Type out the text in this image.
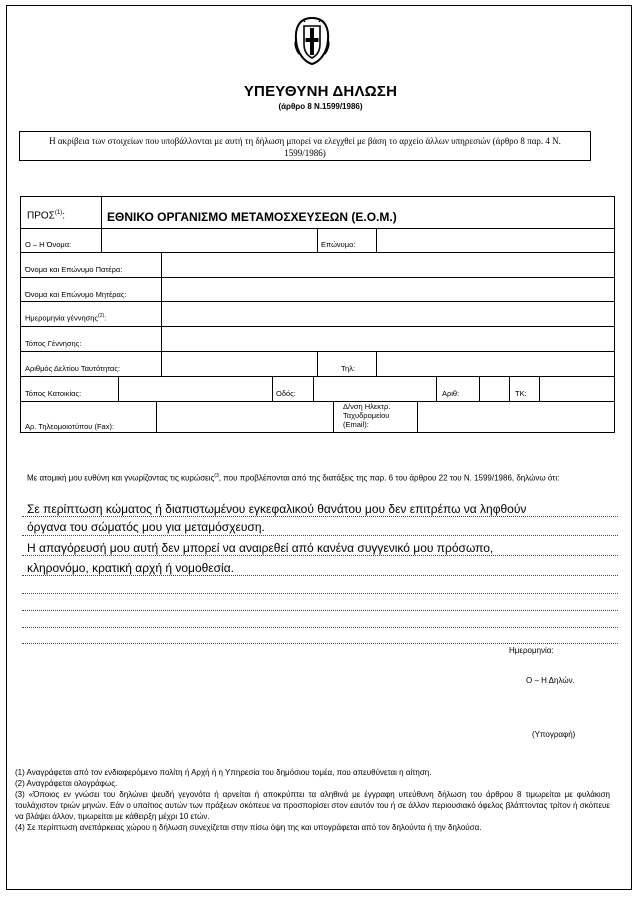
ΥΠΕΥΘΥΝΗ ΔΗΛΩΣΗ
(άρθρο 8 Ν.1599/1986)
Η ακρίβεια των στοιχείων που υποβάλλονται με αυτή τη δήλωση μπορεί να ελεγχθεί με βάση το αρχείο άλλων υπηρεσιών (άρθρο 8 παρ. 4 Ν. 1599/1986)
ΠΡΟΣ$^{(1)}$:	ΕΘΝΙΚΟ ΟΡΓΑΝΙΣΜΟ ΜΕΤΑΜΟΣΧΕΥΣΕΩΝ (Ε.Ο.Μ.)
Ο – Η Όνομα:	Επώνυμο:
Όνομα και Επώνυμο Πατέρα:
Όνομα και Επώνυμο Μητέρας:
Ημερομηνία γέννησης$^{(2)}$:
Τόπος Γέννησης:
Αριθμός Δελτίου Ταυτότητας:	Τηλ:
Τόπος Κατοικίας:	Οδός:	Αριθ:	ΤΚ:
Αρ. Τηλεομοιοτύπου (Fax):
Δ/νση Ηλεκτρ.
Ταχυδρομείου
(Email):
Με ατομική μου ευθύνη και γνωρίζοντας τις κυρώσεις$^{(3}$, που προβλέπονται από της διατάξεις της παρ. 6 του άρθρου 22 του Ν. 1599/1986, δηλώνω ότι:
Σε περίπτωση κώματος ή διαπιστωμένου εγκεφαλικού θανάτου μου δεν επιτρέπω να ληφθούν
όργανα του σώματός μου για μεταμόσχευση.
Η απαγόρευσή μου αυτή δεν μπορεί να αναιρεθεί από κανένα συγγενικό μου πρόσωπο,
κληρονόμο, κρατική αρχή ή νομοθεσία.
Ημερομηνία:
Ο – Η Δηλών.
(Υπογραφή)

(1) Αναγράφεται από τον ενδιαφερόμενο πολίτη ή Αρχή ή η Υπηρεσία του δημόσιου τομέα, που απευθύνεται η αίτηση.

(2) Αναγράφεται ολογράφως.

(3) «Όποιος εν γνώσει του δηλώνει ψευδή γεγονότα ή αρνείται ή αποκρύπτει τα αληθινά με έγγραφη υπεύθυνη δήλωση του άρθρου 8 τιμωρείται με φυλάκιση τουλάχιστον τριών μηνών. Εάν ο υπαίτιος αυτών των πράξεων σκόπευε να προσπορίσει στον εαυτόν του ή σε άλλον περιουσιακό όφελος βλάπτοντας τρίτον ή σκόπευε να βλάψει άλλον, τιμωρείται με κάθειρξη μέχρι 10 ετών.

(4) Σε περίπτωση ανεπάρκειας χώρου η δήλωση συνεχίζεται στην πίσω όψη της και υπογράφεται από τον δηλούντα ή την δηλούσα.
